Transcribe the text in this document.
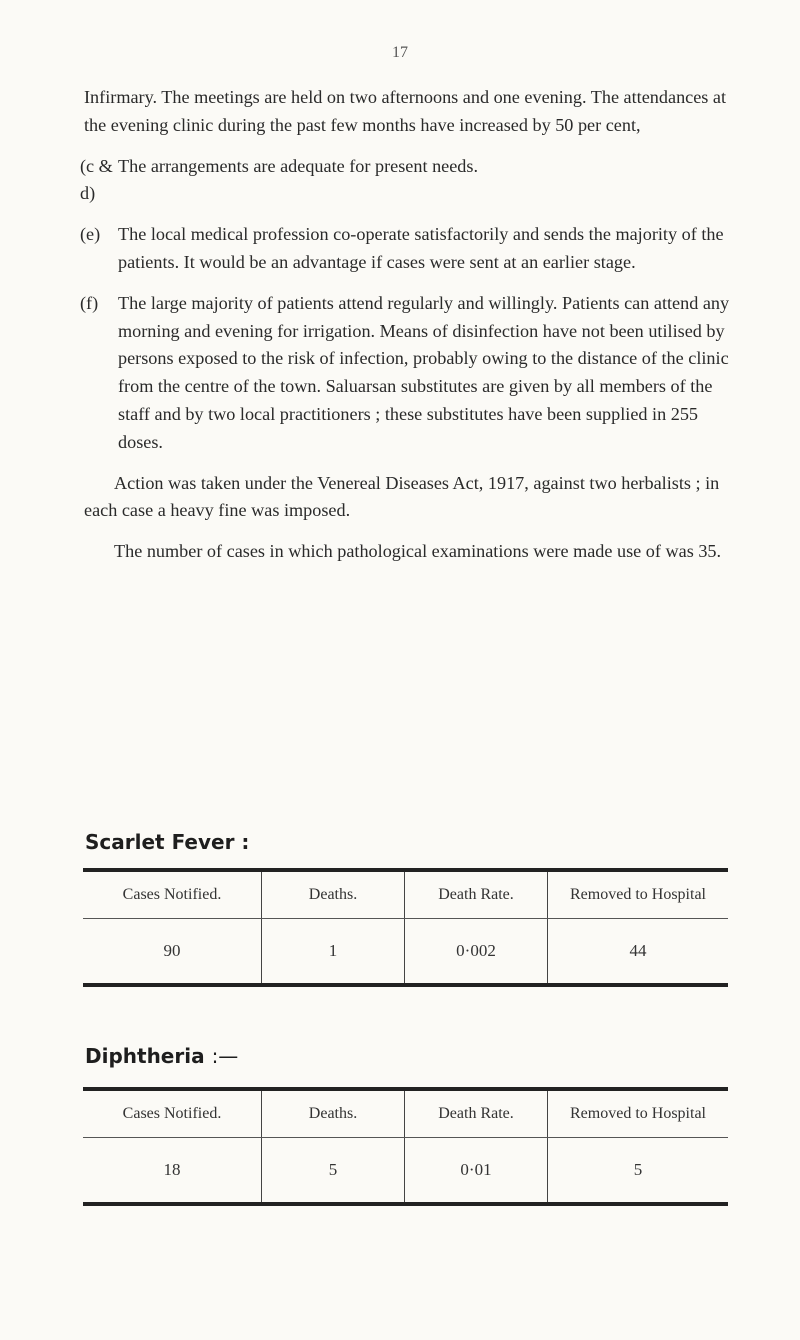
17

Infirmary. The meetings are held on two afternoons and one evening. The attendances at the evening clinic during the past few months have increased by 50 per cent,

(c & d)
The arrangements are adequate for present needs.
(e) The local medical profession co-operate satisfactorily and sends the majority of the patients. It would be an advantage if cases were sent at an earlier stage.
(f)	The large majority of patients attend regularly and willingly. Patients can attend any morning and evening for irrigation. Means of disinfection have not been utilised by persons exposed to the risk of infection, probably owing to the distance of the clinic from the centre of the town. Saluarsan substitutes are given by all members of the staff and by two local practitioners ; these substitutes have been supplied in 255 doses.

Action was taken under the Venereal Diseases Act, 1917, against two herbalists ; in each case a heavy fine was imposed.

The number of cases in which pathological examinations were made use of was 35.

Scarlet Fever :
Cases Notified.	Deaths.	Death Rate.	Removed to Hospital
90	1	0·002	44
Diphtheria :—
Cases Notified.	Deaths.	Death Rate.	Removed to Hospital
18	5	0·01	5
